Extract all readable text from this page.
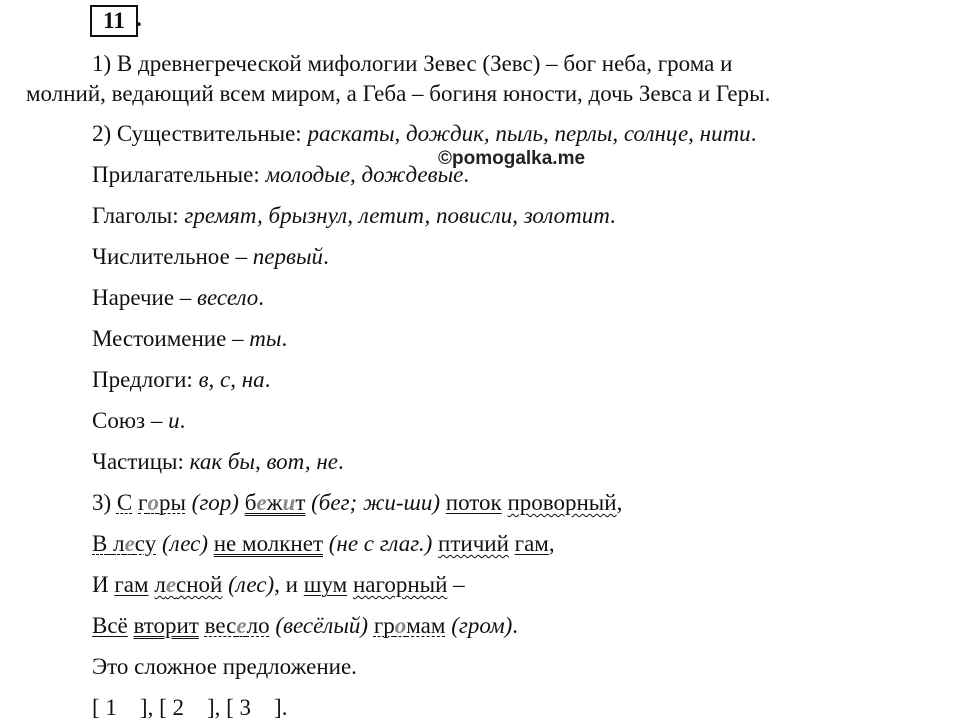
11 .
1) В древнегреческой мифологии Зевес (Зевс) – бог неба, грома и
молний, ведающий всем миром, а Геба – богиня юности, дочь Зевса и Геры.
2) Существительные: раскаты, дождик, пыль, перлы, солнце, нити.
Прилагательные: молодые, дождевые.
©pomogalka.me
Глаголы: гремят, брызнул, летит, повисли, золотит.
Числительное – первый.
Наречие – весело.
Местоимение – ты.
Предлоги: в, с, на.
Союз – и.
Частицы: как бы, вот, не.
3) С горы (гор) бежит (бег; жи-ши) поток проворный,
В лесу (лес) не молкнет (не с глаг.) птичий гам,
И гам лесной (лес), и шум нагорный –
Всё вторит весело (весёлый) громам (гром).
Это сложное предложение.
[ 1    ], [ 2    ], [ 3    ].
